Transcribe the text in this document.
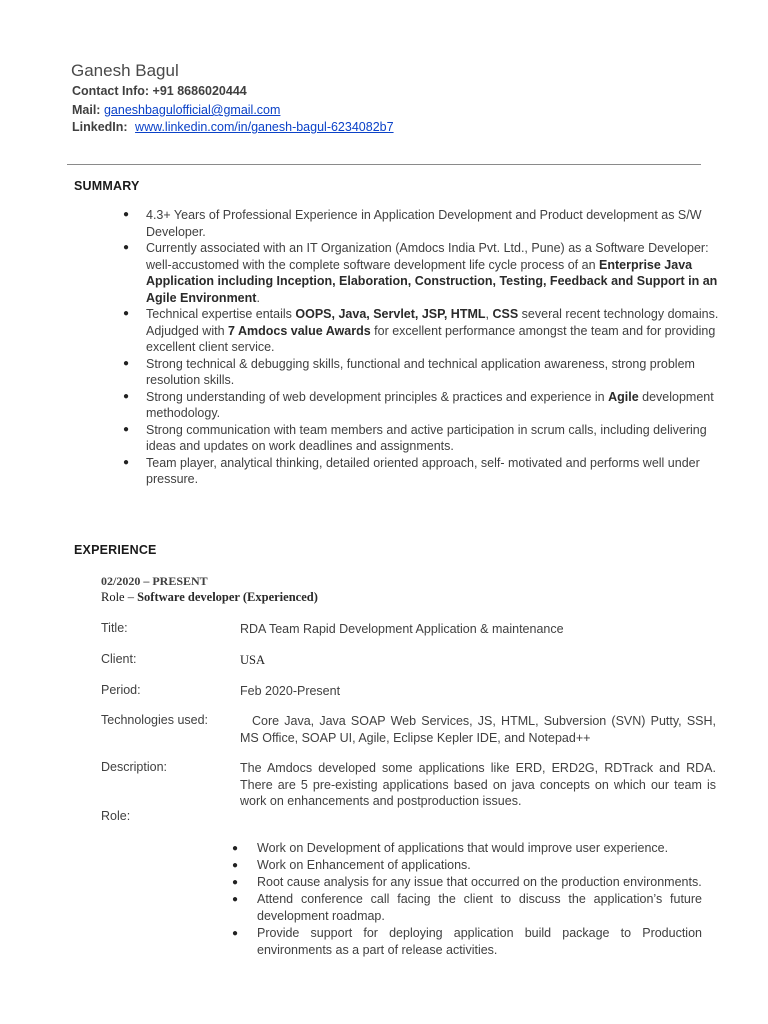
Ganesh Bagul
Contact Info: +91 8686020444
Mail: ganeshbagulofficial@gmail.com
LinkedIn: www.linkedin.com/in/ganesh-bagul-6234082b7
SUMMARY
● 4.3+ Years of Professional Experience in Application Development and Product development as S/W Developer.
● Currently associated with an IT Organization (Amdocs India Pvt. Ltd., Pune) as a Software Developer: well-accustomed with the complete software development life cycle process of an Enterprise Java Application including Inception, Elaboration, Construction, Testing, Feedback and Support in an Agile Environment.
● Technical expertise entails OOPS, Java, Servlet, JSP, HTML, CSS several recent technology domains. Adjudged with 7 Amdocs value Awards for excellent performance amongst the team and for providing excellent client service.
● Strong technical & debugging skills, functional and technical application awareness, strong problem resolution skills.
● Strong understanding of web development principles & practices and experience in Agile development methodology.
● Strong communication with team members and active participation in scrum calls, including delivering ideas and updates on work deadlines and assignments.
● Team player, analytical thinking, detailed oriented approach, self- motivated and performs well under pressure.
EXPERIENCE
02/2020 – PRESENT
Role – Software developer (Experienced)
Title:	RDA Team Rapid Development Application & maintenance
Client:	USA
Period:	Feb 2020-Present
Technologies used:	Core Java, Java SOAP Web Services, JS, HTML, Subversion (SVN) Putty, SSH, MS Office, SOAP UI, Agile, Eclipse Kepler IDE, and Notepad++
Description:	The Amdocs developed some applications like ERD, ERD2G, RDTrack and RDA. There are 5 pre-existing applications based on java concepts on which our team is work on enhancements and postproduction issues.
Role:
● Work on Development of applications that would improve user experience.
● Work on Enhancement of applications.
● Root cause analysis for any issue that occurred on the production environments.
● Attend conference call facing the client to discuss the application’s future development roadmap.
● Provide support for deploying application build package to Production environments as a part of release activities.
